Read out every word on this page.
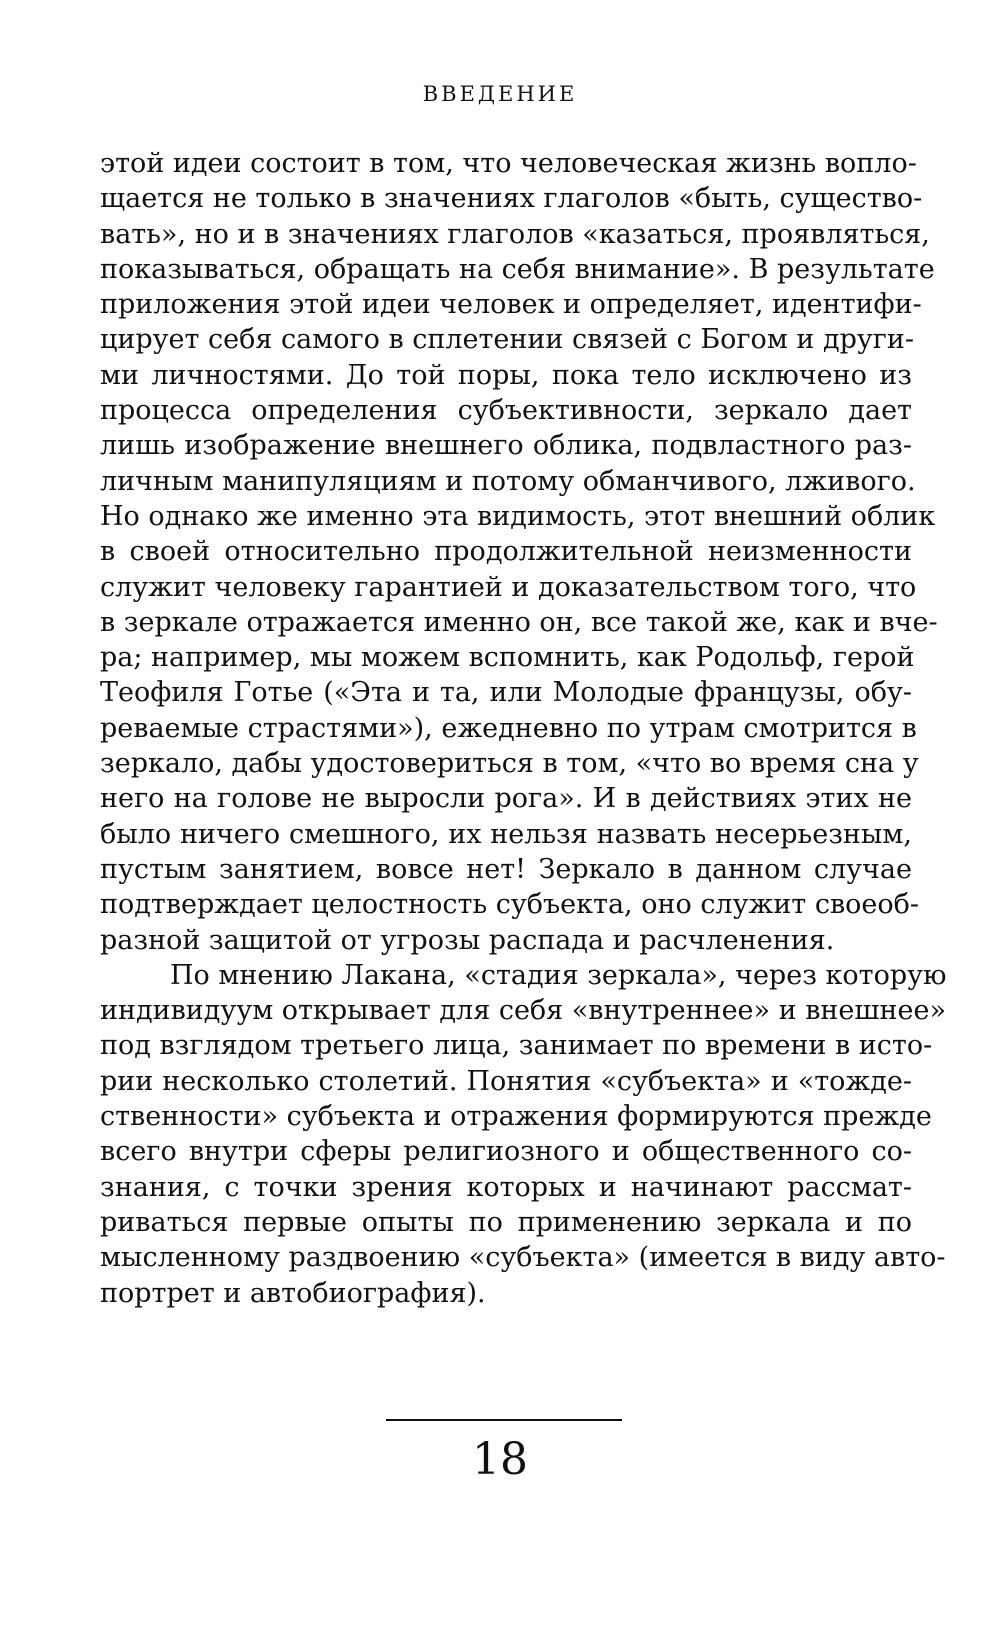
ВВЕДЕНИЕ
этой идеи состоит в том, что человеческая жизнь вопло-
щается не только в значениях глаголов «быть, существо-
вать», но и в значениях глаголов «казаться, проявляться,
показываться, обращать на себя внимание». В результате
приложения этой идеи человек и определяет, идентифи-
цирует себя самого в сплетении связей с Богом и други-
ми личностями. До той поры, пока тело исключено из
процесса определения субъективности, зеркало дает
лишь изображение внешнего облика, подвластного раз-
личным манипуляциям и потому обманчивого, лживого.
Но однако же именно эта видимость, этот внешний облик
в своей относительно продолжительной неизменности
служит человеку гарантией и доказательством того, что
в зеркале отражается именно он, все такой же, как и вче-
ра; например, мы можем вспомнить, как Родольф, герой
Теофиля Готье («Эта и та, или Молодые французы, обу-
реваемые страстями»), ежедневно по утрам смотрится в
зеркало, дабы удостовериться в том, «что во время сна у
него на голове не выросли рога». И в действиях этих не
было ничего смешного, их нельзя назвать несерьезным,
пустым занятием, вовсе нет! Зеркало в данном случае
подтверждает целостность субъекта, оно служит своеоб-
разной защитой от угрозы распада и расчленения.
По мнению Лакана, «стадия зеркала», через которую
индивидуум открывает для себя «внутреннее» и внешнее»
под взглядом третьего лица, занимает по времени в исто-
рии несколько столетий. Понятия «субъекта» и «тожде-
ственности» субъекта и отражения формируются прежде
всего внутри сферы религиозного и общественного со-
знания, с точки зрения которых и начинают рассмат-
риваться первые опыты по применению зеркала и по
мысленному раздвоению «субъекта» (имеется в виду авто-
портрет и автобиография).
18
